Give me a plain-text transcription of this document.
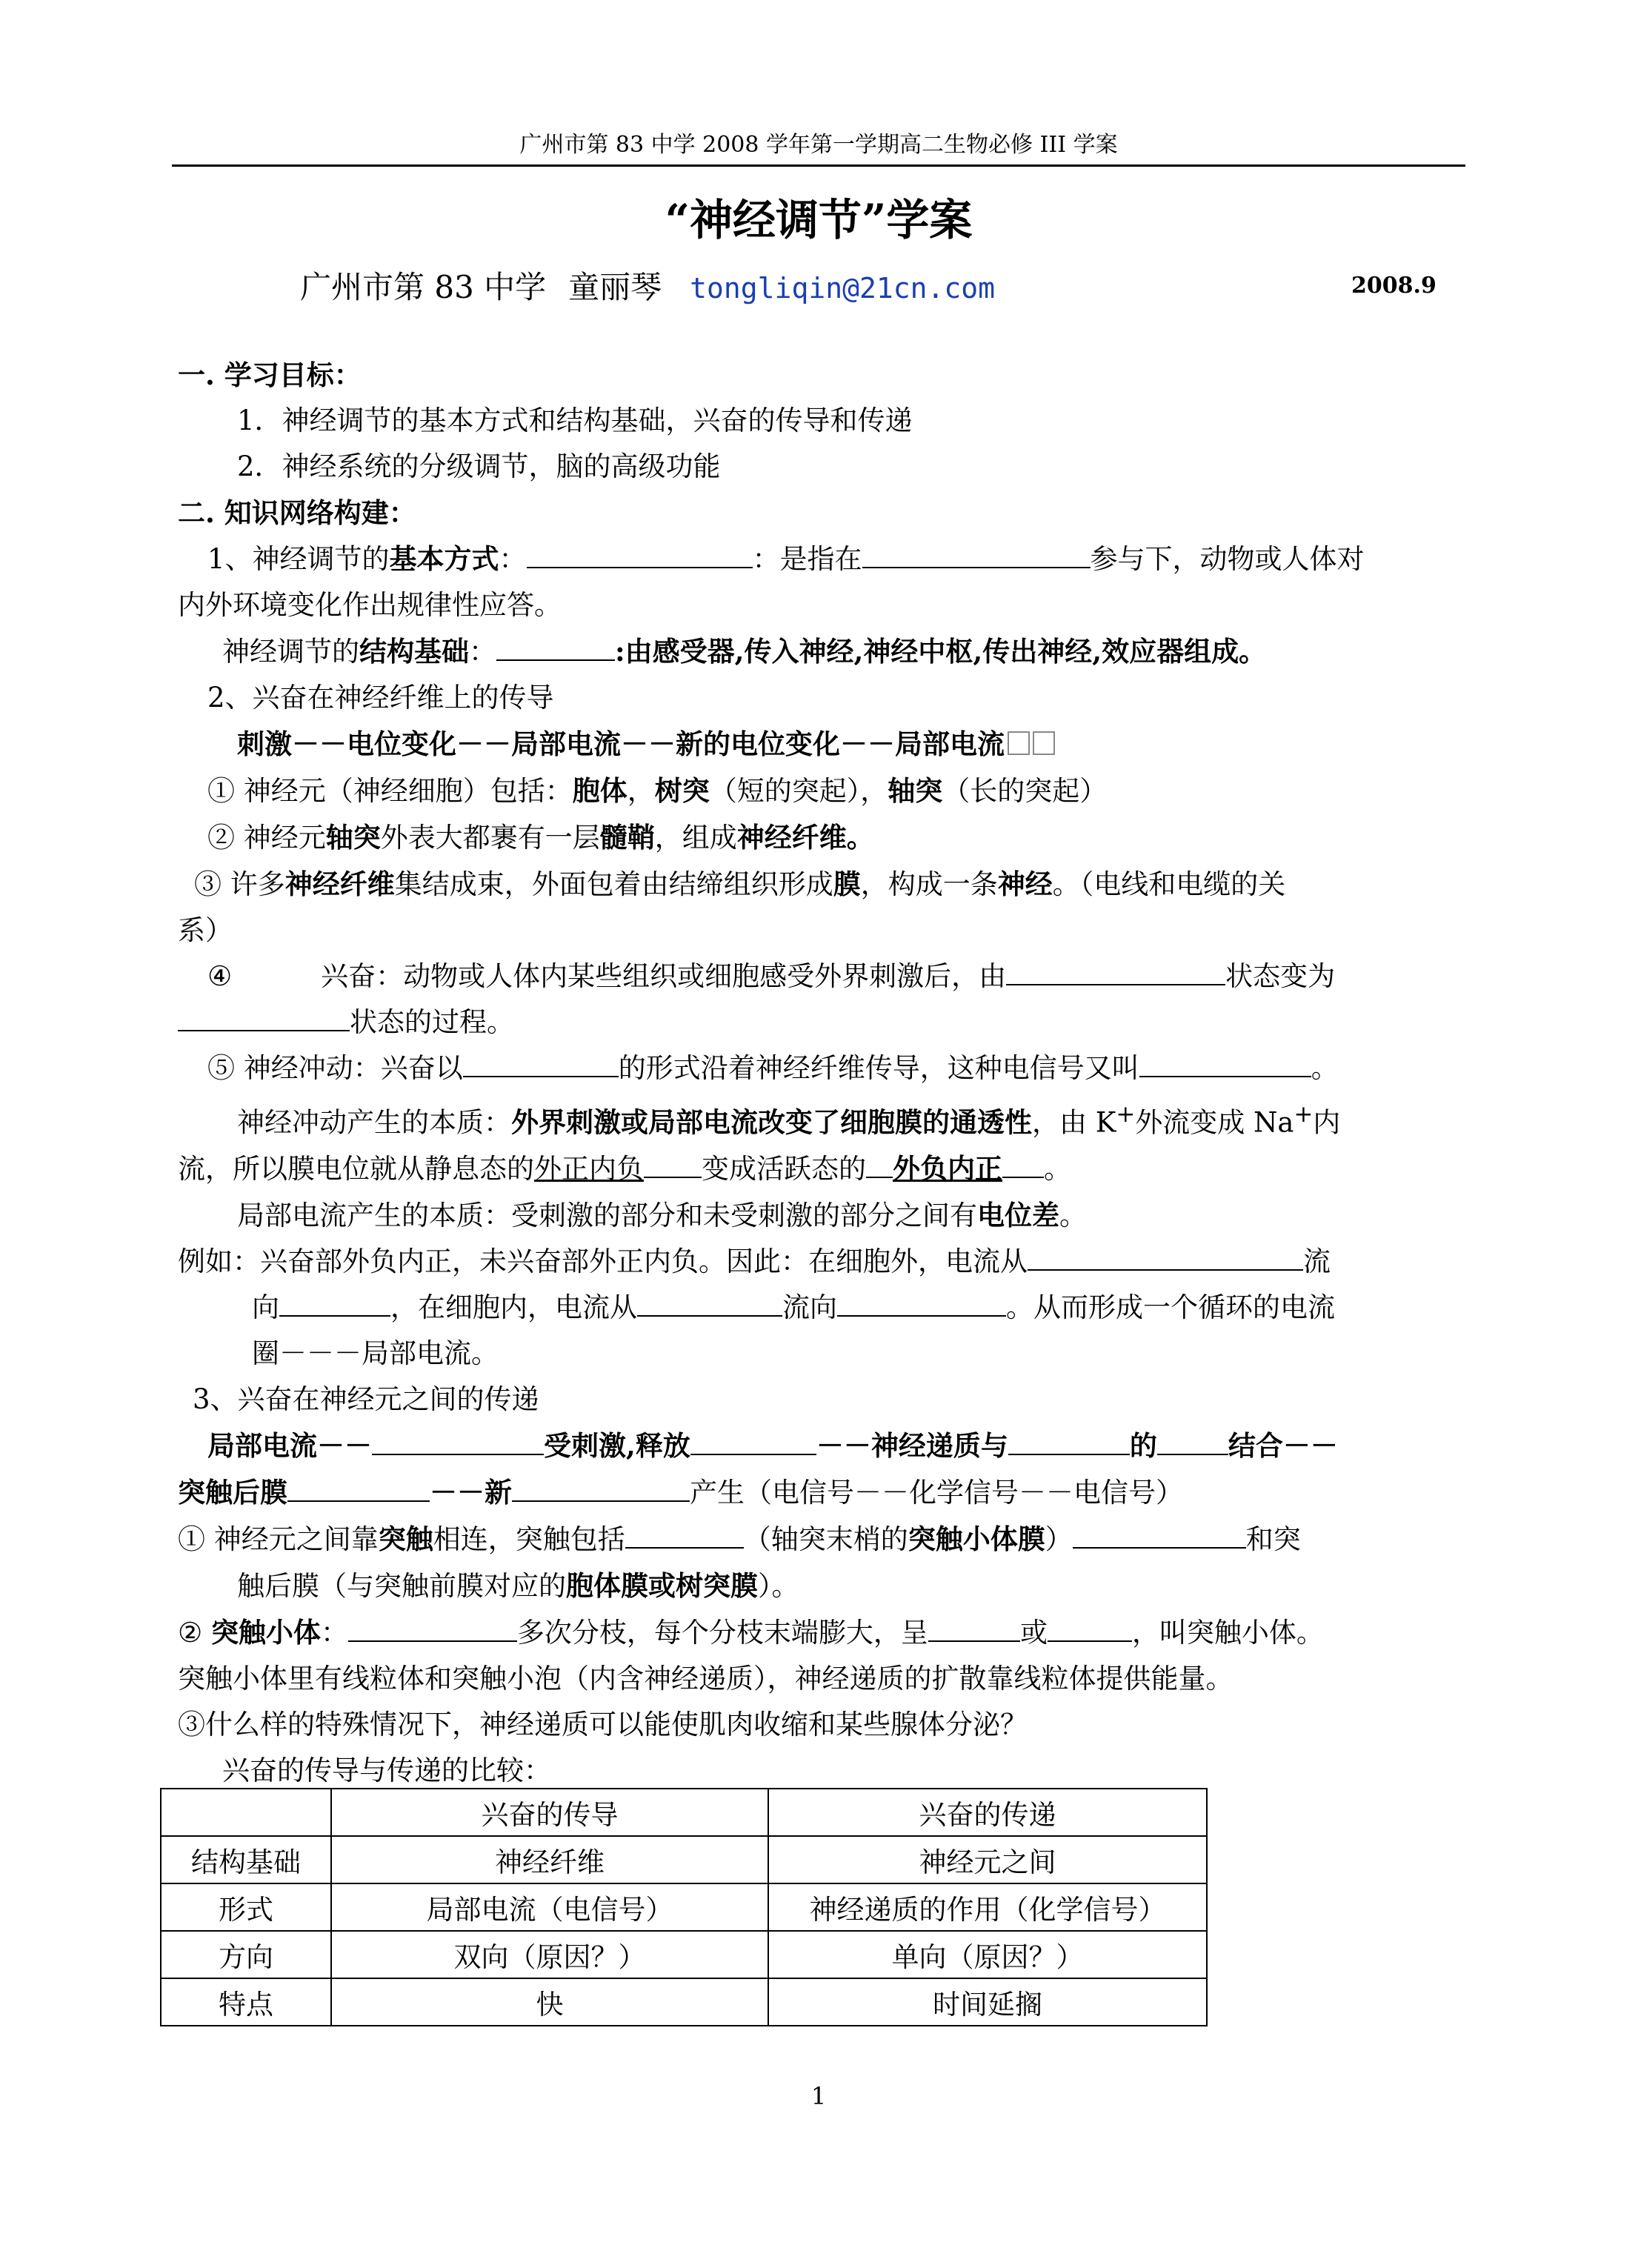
广州市第 83 中学 2008 学年第一学期高二生物必修 III 学案
“神经调节”学案
广州市第 83 中学 童丽琴 tongliqin@21cn.com	2008.9
一. 学习目标：
1．神经调节的基本方式和结构基础，兴奋的传导和传递
2．神经系统的分级调节，脑的高级功能
二. 知识网络构建：
1、神经调节的基本方式：	：是指在	参与下，动物或人体对
内外环境变化作出规律性应答。
神经调节的结构基础：	:由感受器,传入神经,神经中枢,传出神经,效应器组成。
2、兴奋在神经纤维上的传导
刺激－－电位变化－－局部电流－－新的电位变化－－局部电流
① 神经元（神经细胞）包括：胞体，树突（短的突起），轴突（长的突起）
② 神经元轴突外表大都裹有一层髓鞘，组成神经纤维。
③ 许多神经纤维集结成束，外面包着由结缔组织形成膜，构成一条神经。（电线和电缆的关
系）
④	兴奋：动物或人体内某些组织或细胞感受外界刺激后，由	状态变为
状态的过程。
⑤ 神经冲动：兴奋以	的形式沿着神经纤维传导，这种电信号又叫	。
神经冲动产生的本质：外界刺激或局部电流改变了细胞膜的通透性，由 K+外流变成 Na+内
流，所以膜电位就从静息态的外正内负 变成活跃态的 外负内正 。
局部电流产生的本质：受刺激的部分和未受刺激的部分之间有电位差。
例如：兴奋部外负内正，未兴奋部外正内负。因此：在细胞外，电流从	流
向	，在细胞内，电流从	流向	。从而形成一个循环的电流
圈－－－局部电流。
3、兴奋在神经元之间的传递
局部电流－－	受刺激,释放	－－神经递质与	的	结合－－
突触后膜	－－新	产生（电信号－－化学信号－－电信号）
① 神经元之间靠突触相连，突触包括	（轴突末梢的突触小体膜）	和突
触后膜（与突触前膜对应的胞体膜或树突膜）。
② 突触小体：	多次分枝，每个分枝末端膨大，呈	或	，叫突触小体。
突触小体里有线粒体和突触小泡（内含神经递质），神经递质的扩散靠线粒体提供能量。
③什么样的特殊情况下，神经递质可以能使肌肉收缩和某些腺体分泌？
兴奋的传导与传递的比较：
	兴奋的传导	兴奋的传递
结构基础	神经纤维	神经元之间
形式	局部电流（电信号）	神经递质的作用（化学信号）
方向	双向（原因？）	单向（原因？）
特点	快	时间延搁
1
